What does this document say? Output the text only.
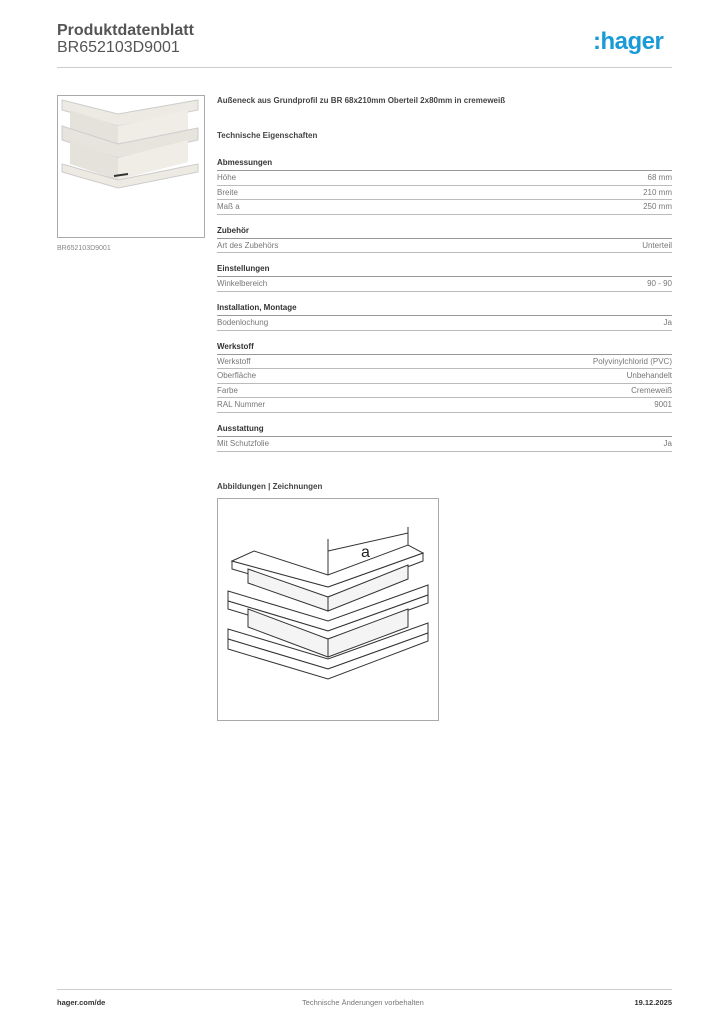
Produktdatenblatt
BR652103D9001	:hager
BR652103D9001
Außeneck aus Grundprofil zu BR 68x210mm Oberteil 2x80mm in cremeweiß
Technische Eigenschaften
Abmessungen
Höhe	68 mm
Breite	210 mm
Maß a	250 mm
Zubehör
Art des Zubehörs	Unterteil
Einstellungen
Winkelbereich	90 - 90
Installation, Montage
Bodenlochung	Ja
Werkstoff
Werkstoff	Polyvinylchlorid (PVC)
Oberfläche	Unbehandelt
Farbe	Cremeweiß
RAL Nummer	9001
Ausstattung
Mit Schutzfolie	Ja
Abbildungen | Zeichnungen
a
hager.com/de	Technische Änderungen vorbehalten	19.12.2025
